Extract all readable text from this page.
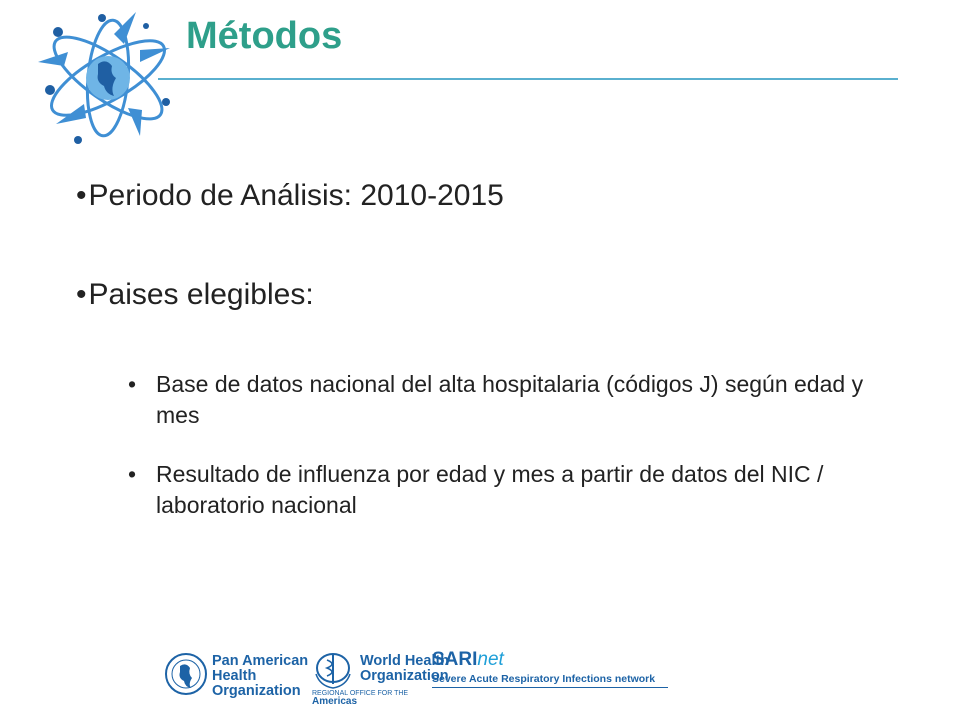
Métodos
•Periodo de Análisis: 2010-2015
•Paises elegibles:
• Base de datos nacional del alta hospitalaria (códigos J) según edad y mes
• Resultado de influenza por edad y mes a partir de datos del NIC / laboratorio nacional
Pan American
Health
Organization
World Health
Organization
REGIONAL OFFICE FOR THE
Americas
SARInet
Severe Acute Respiratory Infections network
